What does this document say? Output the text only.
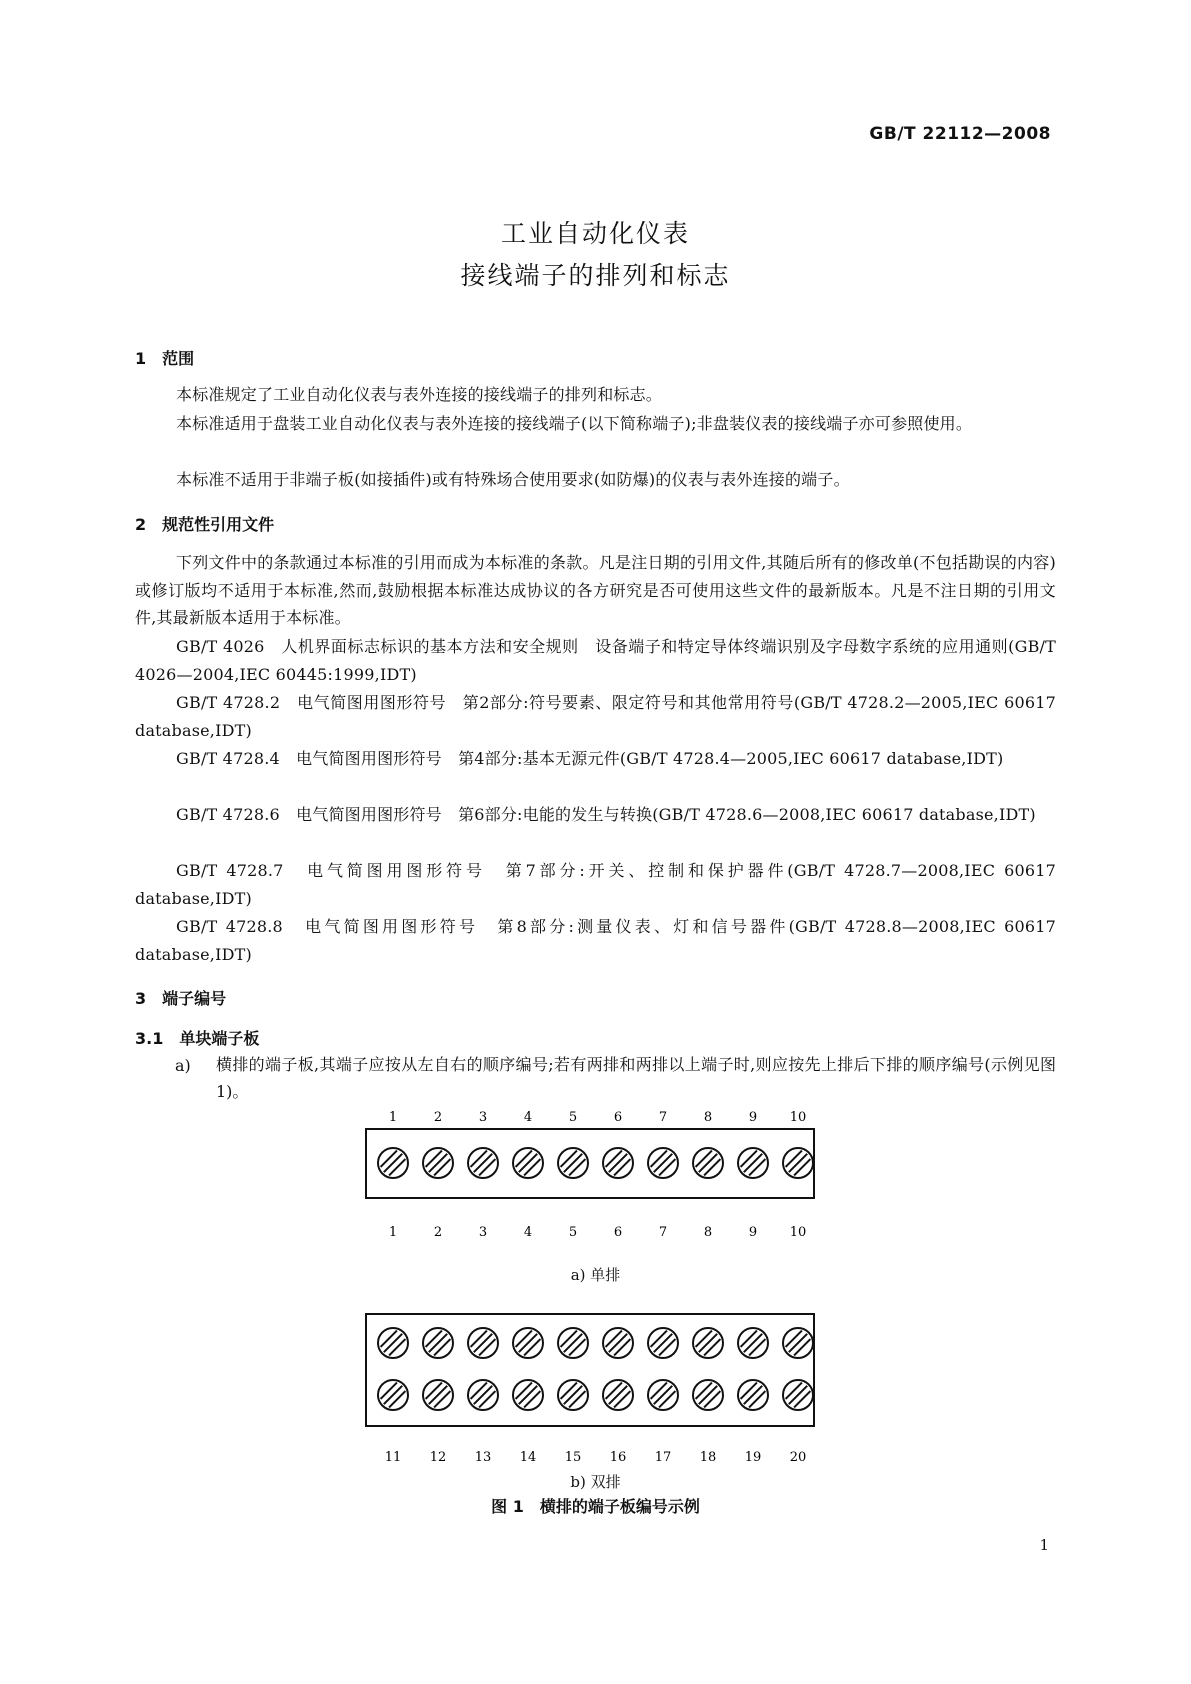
GB/T 22112—2008
工业自动化仪表
接线端子的排列和标志
1　范围
本标准规定了工业自动化仪表与表外连接的接线端子的排列和标志。
本标准适用于盘装工业自动化仪表与表外连接的接线端子(以下简称端子);非盘装仪表的接线端子亦可参照使用。
本标准不适用于非端子板(如接插件)或有特殊场合使用要求(如防爆)的仪表与表外连接的端子。
2　规范性引用文件
下列文件中的条款通过本标准的引用而成为本标准的条款。凡是注日期的引用文件,其随后所有的修改单(不包括勘误的内容)或修订版均不适用于本标准,然而,鼓励根据本标准达成协议的各方研究是否可使用这些文件的最新版本。凡是不注日期的引用文件,其最新版本适用于本标准。
GB/T 4026　人机界面标志标识的基本方法和安全规则　设备端子和特定导体终端识别及字母数字系统的应用通则(GB/T 4026—2004,IEC 60445:1999,IDT)
GB/T 4728.2　电气简图用图形符号　第2部分:符号要素、限定符号和其他常用符号(GB/T 4728.2—2005,IEC 60617 database,IDT)
GB/T 4728.4　电气简图用图形符号　第4部分:基本无源元件(GB/T 4728.4—2005,IEC 60617 database,IDT)
GB/T 4728.6　电气简图用图形符号　第6部分:电能的发生与转换(GB/T 4728.6—2008,IEC 60617 database,IDT)
GB/T 4728.7　电气简图用图形符号　第7部分:开关、控制和保护器件(GB/T 4728.7—2008,IEC 60617 database,IDT)
GB/T 4728.8　电气简图用图形符号　第8部分:测量仪表、灯和信号器件(GB/T 4728.8—2008,IEC 60617 database,IDT)
3　端子编号
3.1　单块端子板
a) 横排的端子板,其端子应按从左自右的顺序编号;若有两排和两排以上端子时,则应按先上排后下排的顺序编号(示例见图1)。
1	2	3	4	5	6	7	8	9	10
1	2	3	4	5	6	7	8	9	10
11 12 13 14 15 16 17 18 19 20
a) 单排
b) 双排
图 1　横排的端子板编号示例
1
